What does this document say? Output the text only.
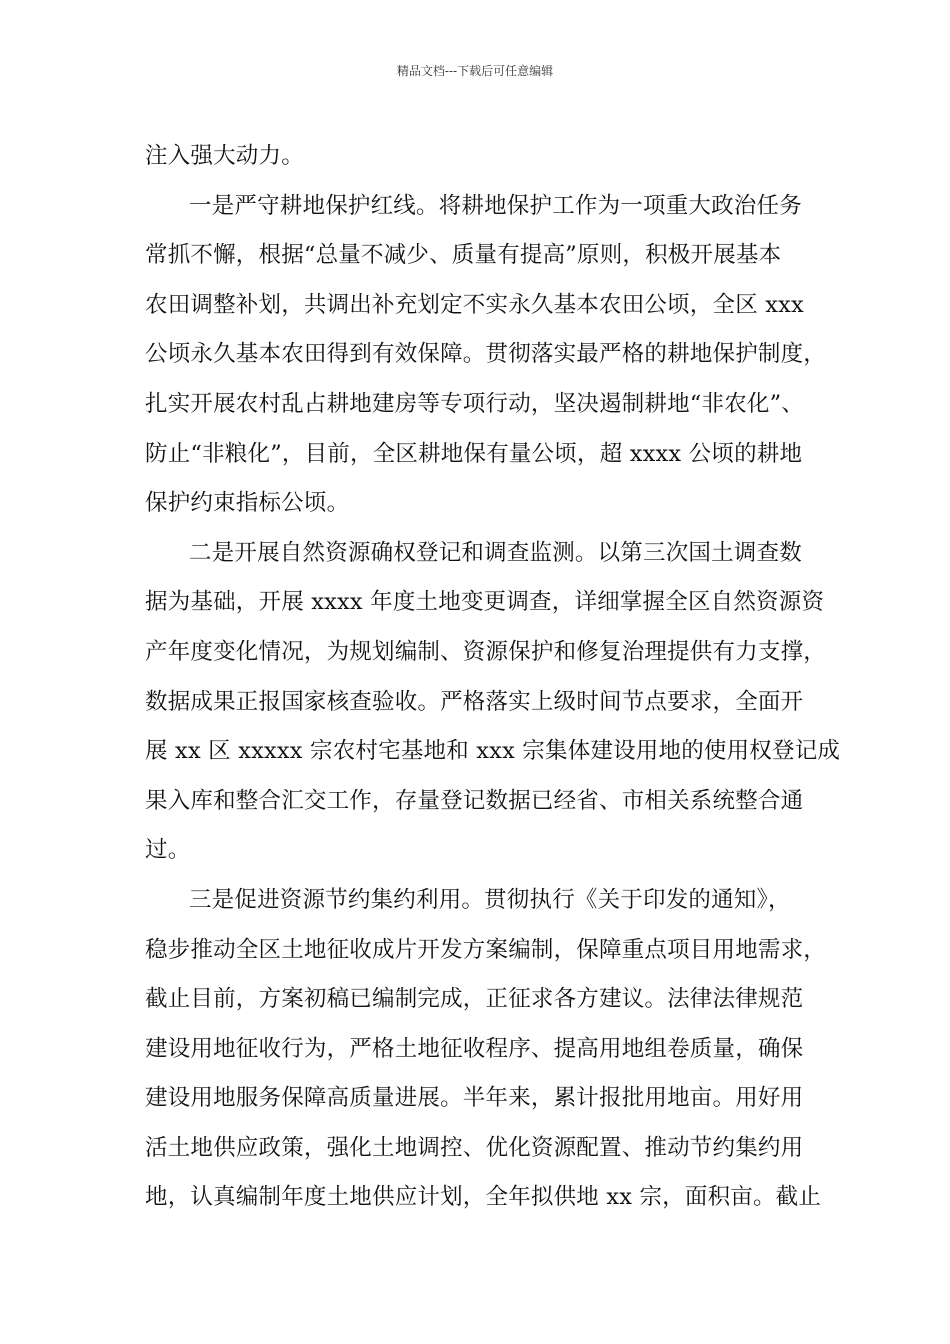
精品文档---下载后可任意编辑
注入强大动力。
一是严守耕地保护红线。将耕地保护工作为一项重大政治任务
常抓不懈，根据“总量不减少、质量有提高”原则，积极开展基本
农田调整补划，共调出补充划定不实永久基本农田公顷，全区 xxx
公顷永久基本农田得到有效保障。贯彻落实最严格的耕地保护制度，
扎实开展农村乱占耕地建房等专项行动，坚决遏制耕地“非农化”、
防止“非粮化”，目前，全区耕地保有量公顷，超 xxxx 公顷的耕地
保护约束指标公顷。
二是开展自然资源确权登记和调查监测。以第三次国土调查数
据为基础，开展 xxxx 年度土地变更调查，详细掌握全区自然资源资
产年度变化情况，为规划编制、资源保护和修复治理提供有力支撑，
数据成果正报国家核查验收。严格落实上级时间节点要求，全面开
展 xx 区 xxxxx 宗农村宅基地和 xxx 宗集体建设用地的使用权登记成
果入库和整合汇交工作，存量登记数据已经省、市相关系统整合通
过。
三是促进资源节约集约利用。贯彻执行《关于印发的通知》，
稳步推动全区土地征收成片开发方案编制，保障重点项目用地需求，
截止目前，方案初稿已编制完成，正征求各方建议。法律法律规范
建设用地征收行为，严格土地征收程序、提高用地组卷质量，确保
建设用地服务保障高质量进展。半年来，累计报批用地亩。用好用
活土地供应政策，强化土地调控、优化资源配置、推动节约集约用
地，认真编制年度土地供应计划，全年拟供地 xx 宗，面积亩。截止
